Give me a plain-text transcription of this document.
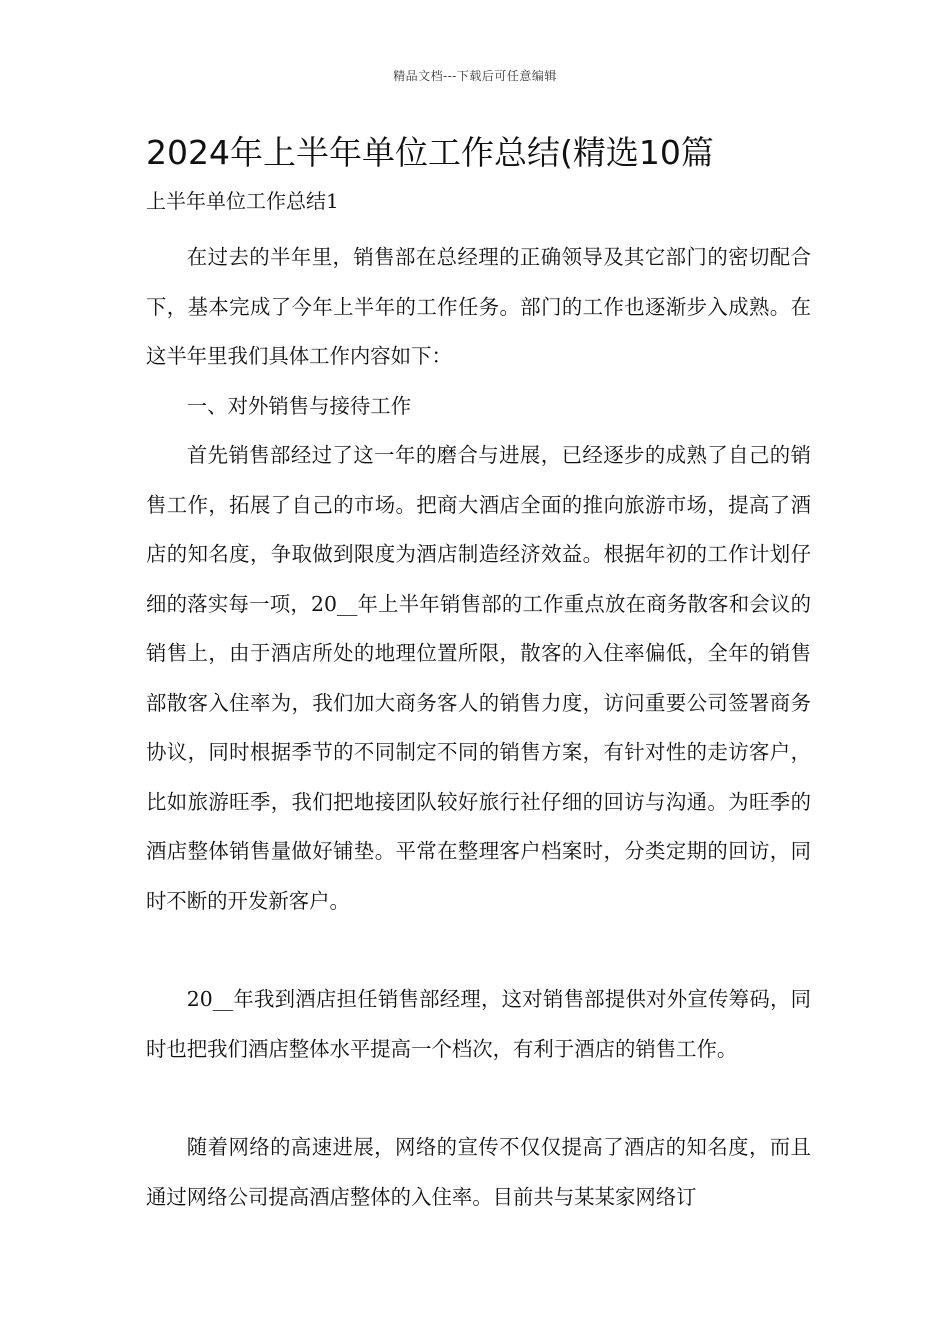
精品文档---下载后可任意编辑
2024年上半年单位工作总结(精选10篇
上半年单位工作总结1

在过去的半年里，销售部在总经理的正确领导及其它部门的密切配合下，基本完成了今年上半年的工作任务。部门的工作也逐渐步入成熟。在这半年里我们具体工作内容如下：

一、对外销售与接待工作

首先销售部经过了这一年的磨合与进展，已经逐步的成熟了自己的销售工作，拓展了自己的市场。把商大酒店全面的推向旅游市场，提高了酒店的知名度，争取做到限度为酒店制造经济效益。根据年初的工作计划仔细的落实每一项，20__年上半年销售部的工作重点放在商务散客和会议的销售上，由于酒店所处的地理位置所限，散客的入住率偏低，全年的销售部散客入住率为，我们加大商务客人的销售力度，访问重要公司签署商务协议，同时根据季节的不同制定不同的销售方案，有针对性的走访客户，比如旅游旺季，我们把地接团队较好旅行社仔细的回访与沟通。为旺季的酒店整体销售量做好铺垫。平常在整理客户档案时，分类定期的回访，同时不断的开发新客户。

20__年我到酒店担任销售部经理，这对销售部提供对外宣传筹码，同时也把我们酒店整体水平提高一个档次，有利于酒店的销售工作。

随着网络的高速进展，网络的宣传不仅仅提高了酒店的知名度，而且通过网络公司提高酒店整体的入住率。目前共与某某家网络订
